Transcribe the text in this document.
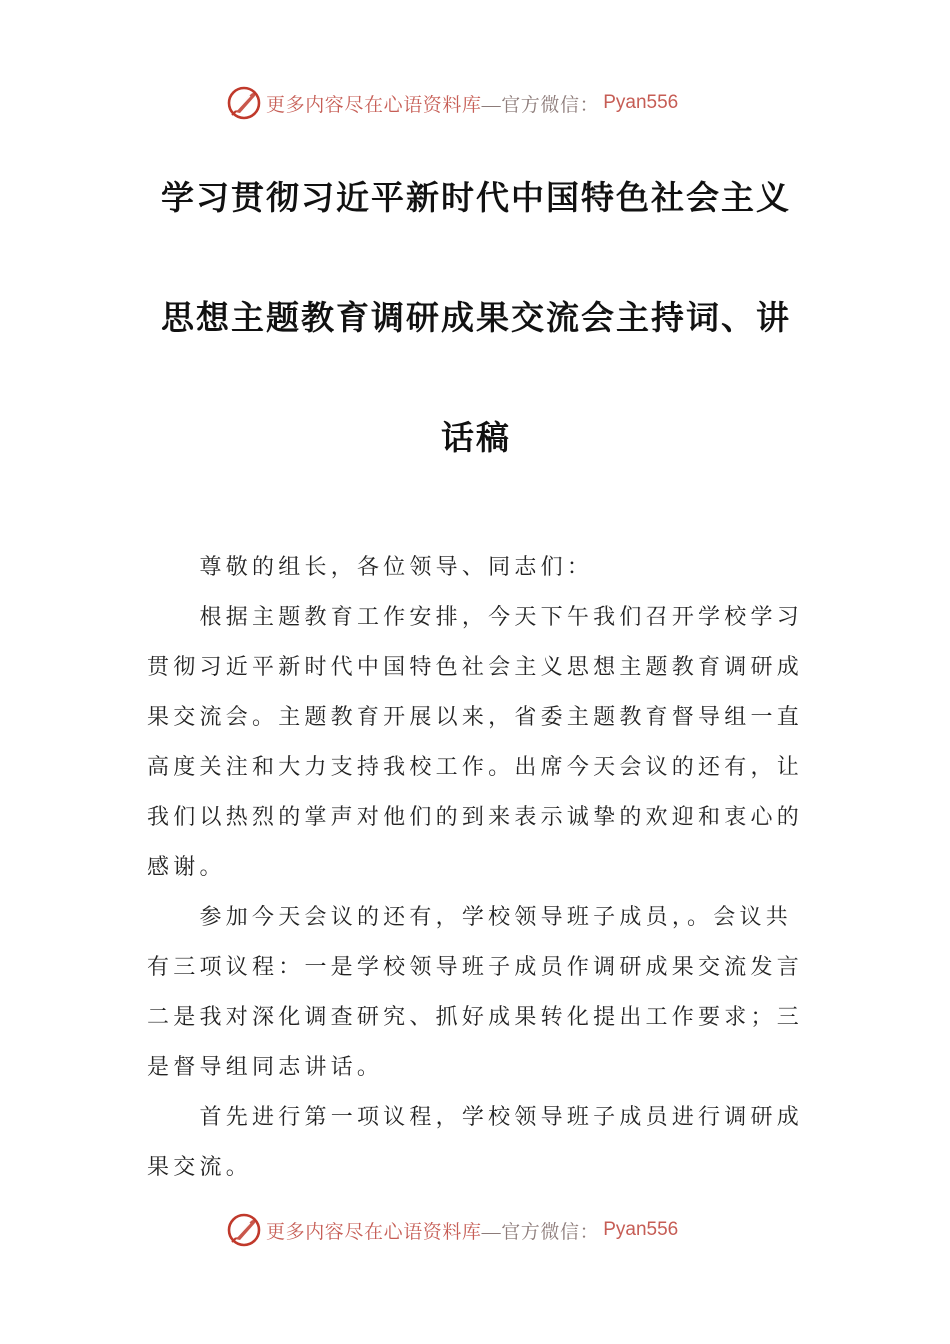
更多内容尽在心语资料库 —官方微信： Pyan556
学习贯彻习近平新时代中国特色社会主义
思想主题教育调研成果交流会主持词、讲
话稿
尊敬的组长，各位领导、同志们：
根据主题教育工作安排，今天下午我们召开学校学习
贯彻习近平新时代中国特色社会主义思想主题教育调研成
果交流会。主题教育开展以来，省委主题教育督导组一直
高度关注和大力支持我校工作。出席今天会议的还有，让
我们以热烈的掌声对他们的到来表示诚挚的欢迎和衷心的
感谢。
参加今天会议的还有，学校领导班子成员，。会议共
有三项议程：一是学校领导班子成员作调研成果交流发言
二是我对深化调查研究、抓好成果转化提出工作要求；三
是督导组同志讲话。
首先进行第一项议程，学校领导班子成员进行调研成
果交流。
更多内容尽在心语资料库 —官方微信： Pyan556
